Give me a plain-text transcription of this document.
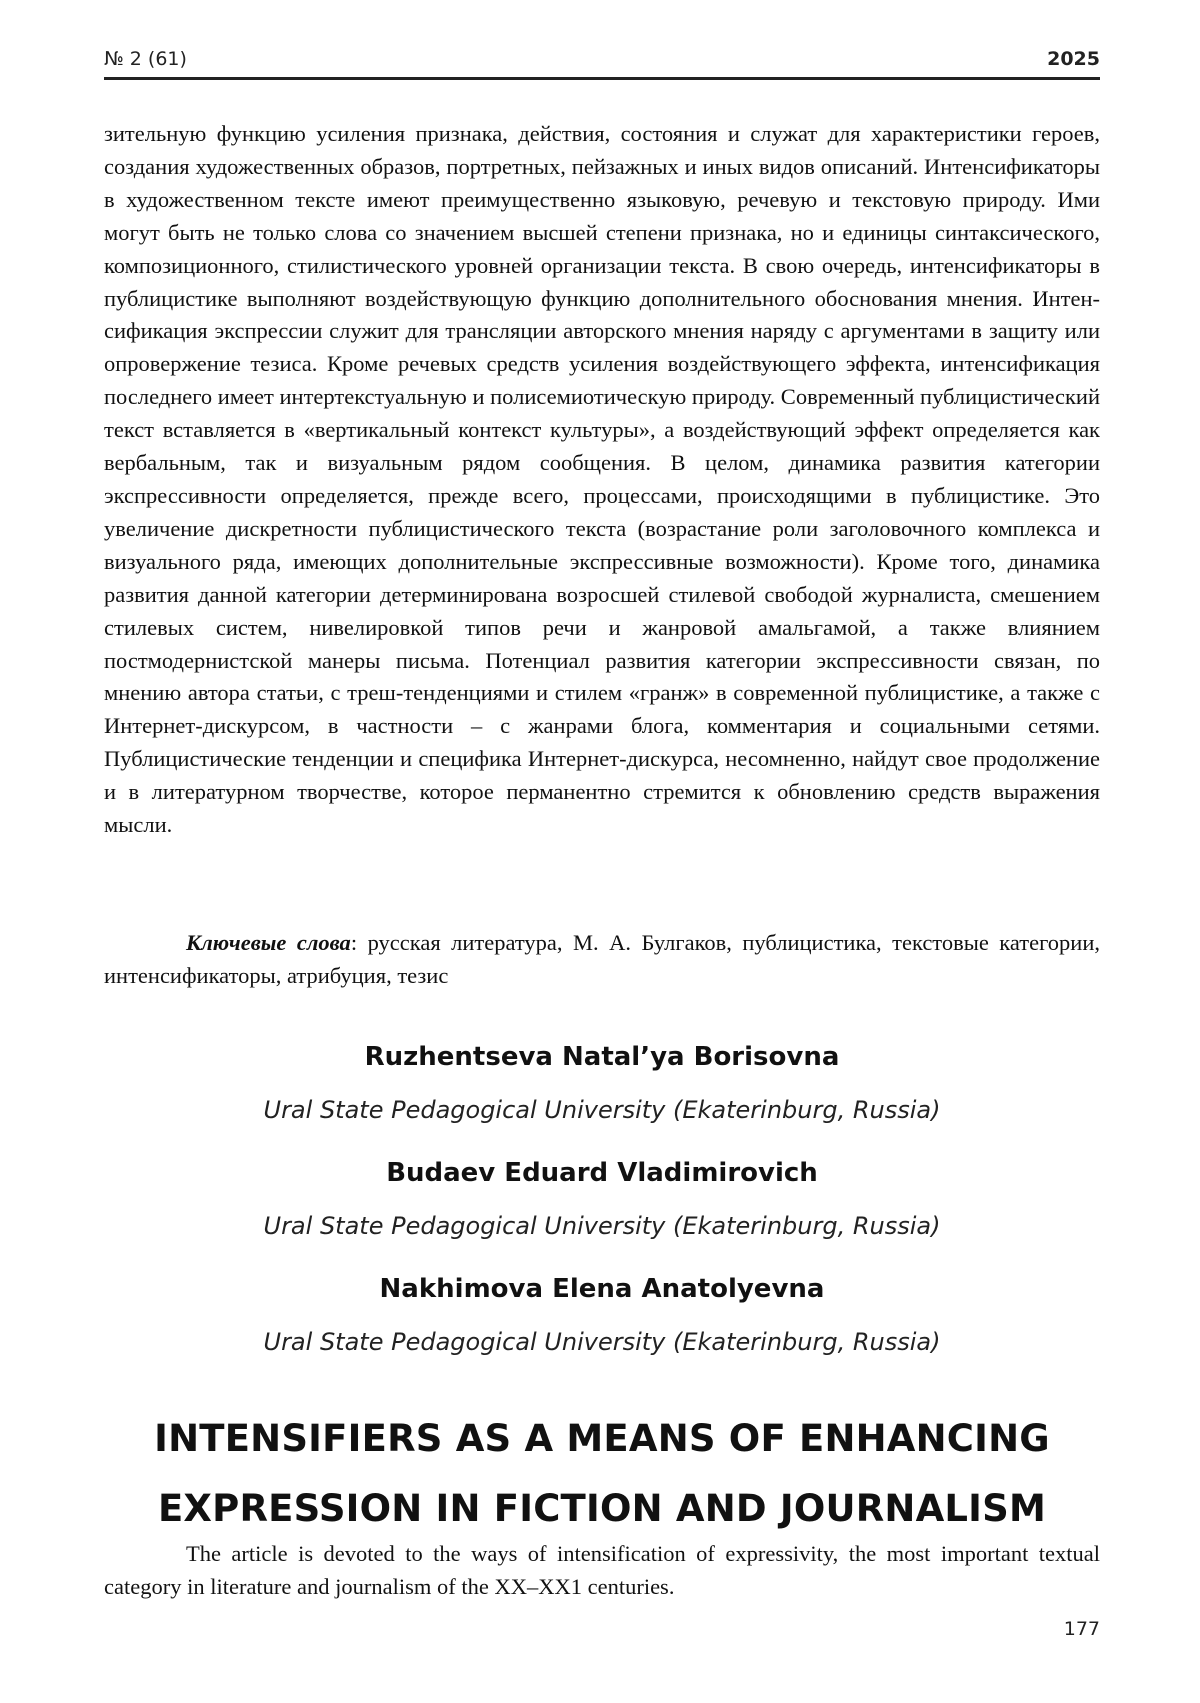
№ 2 (61)	2025

зительную функцию усиления признака, действия, состояния и служат для характеристики героев, создания художественных образов, портретных, пейзажных и иных видов описаний. Интенсификаторы в художественном тексте имеют преимущественно языковую, речевую и текстовую природу. Ими могут быть не только слова со значением высшей степени признака, но и единицы синтаксического, композиционного, стилистического уровней организации текста. В свою очередь, интенсификаторы в публицистике выполняют воздействующую функцию дополнительного обоснования мнения. Интенсификация экспрессии служит для трансляции авторского мнения наряду с аргументами в защиту или опровержение тезиса. Кроме речевых средств усиления воздействующего эффекта, интенсификация последнего имеет интертекстуальную и полисемиотическую природу. Современный публицистический текст вставляется в «вертикальный контекст культуры», а воздействующий эффект определяется как вербальным, так и визуальным рядом сообщения. В целом, динамика развития категории экспрессивности определяется, прежде всего, процессами, происходящими в публицистике. Это увеличение дискретности публицистического текста (возрастание роли заголовочного комплекса и визуального ряда, имеющих дополнительные экспрессивные возможности). Кроме того, динамика развития данной категории детерминирована возросшей стилевой свободой журналиста, смешением стилевых систем, нивелировкой типов речи и жанровой амальгамой, а также влиянием постмодернистской манеры письма. Потенциал развития категории экспрессивности связан, по мнению автора статьи, с треш-тенденциями и стилем «гранж» в современной публицистике, а также с Интернет-дискурсом, в частности – с жанрами блога, комментария и социальными сетями. Публицистические тенденции и специфика Интернет-дискурса, несомненно, найдут свое продолжение и в литературном творчестве, которое перманентно стремится к обновлению средств выражения мысли.

Ключевые слова: русская литература, М. А. Булгаков, публицистика, текстовые категории, интенсификаторы, атрибуция, тезис

Ruzhentseva Natal’ya Borisovna
Ural State Pedagogical University (Ekaterinburg, Russia)
Budaev Eduard Vladimirovich
Ural State Pedagogical University (Ekaterinburg, Russia)
Nakhimova Elena Anatolyevna
Ural State Pedagogical University (Ekaterinburg, Russia)
INTENSIFIERS AS A MEANS OF ENHANCING
EXPRESSION IN FICTION AND JOURNALISM

The article is devoted to the ways of intensification of expressivity, the most important textual category in literature and journalism of the XX–XX1 centuries.

177
